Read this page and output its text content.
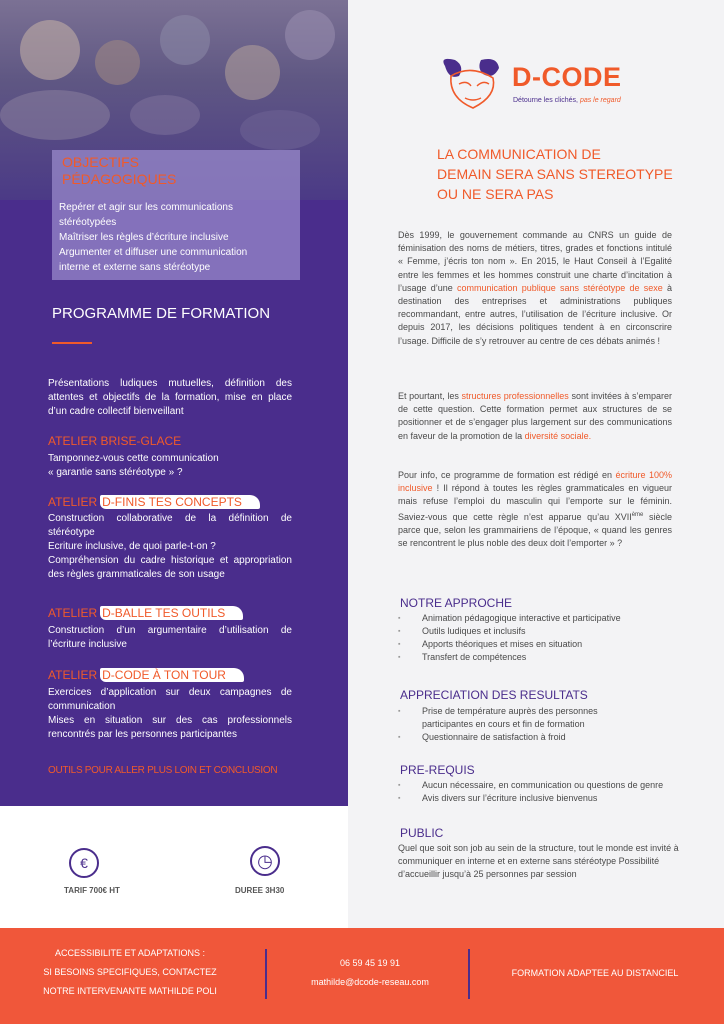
OBJECTIFS
PÉDAGOGIQUES
Repérer et agir sur les communications
stéréotypées
Maîtriser les règles d’écriture inclusive
Argumenter et diffuser une communication
interne et externe sans stéréotype
PROGRAMME DE FORMATION
Présentations ludiques mutuelles, définition des attentes et objectifs de la formation, mise en place d’un cadre collectif bienveillant
ATELIER BRISE-GLACE
Tamponnez-vous cette communication
« garantie sans stéréotype » ?
ATELIER D-FINIS TES CONCEPTS
Construction collaborative de la définition de stéréotype
Ecriture inclusive, de quoi parle-t-on ?
Compréhension du cadre historique et appropriation des règles grammaticales de son usage
ATELIER D-BALLE TES OUTILS
Construction d’un argumentaire d’utilisation de l’écriture inclusive
ATELIER D-CODE À TON TOUR
Exercices d’application sur deux campagnes de communication
Mises en situation sur des cas professionnels rencontrés par les personnes participantes
OUTILS POUR ALLER PLUS LOIN ET CONCLUSION
€
TARIF 700€ HT
◷
DUREE 3H30
D-CODE
Détourne les clichés, pas le regard
LA COMMUNICATION DE
DEMAIN SERA SANS STEREOTYPE
OU NE SERA PAS
Dès 1999, le gouvernement commande au CNRS un guide de féminisation des noms de métiers, titres, grades et fonctions intitulé « Femme, j’écris ton nom ». En 2015, le Haut Conseil à l’Egalité entre les femmes et les hommes construit une charte d’incitation à l’usage d’une communication publique sans stéréotype de sexe à destination des entreprises et administrations publiques recommandant, entre autres, l’utilisation de l’écriture inclusive. Or depuis 2017, les décisions politiques tendent à en circonscrire l’usage. Difficile de s’y retrouver au centre de ces débats animés !
Et pourtant, les structures professionnelles sont invitées à s’emparer de cette question. Cette formation permet aux structures de se positionner et de s’engager plus largement sur des communications en faveur de la promotion de la diversité sociale.
Pour info, ce programme de formation est rédigé en écriture 100% inclusive ! Il répond à toutes les règles grammaticales en vigueur mais refuse l’emploi du masculin qui l’emporte sur le féminin. Saviez-vous que cette règle n’est apparue qu’au XVIIème siècle parce que, selon les grammairiens de l’époque, « quand les genres se rencontrent le plus noble des deux doit l’emporter » ?
NOTRE APPROCHE
▪ Animation pédagogique interactive et participative
▪ Outils ludiques et inclusifs
▪ Apports théoriques et mises en situation
▪ Transfert de compétences
APPRECIATION DES RESULTATS
▪ Prise de température auprès des personnes participantes en cours et fin de formation
▪ Questionnaire de satisfaction à froid
PRE-REQUIS
▪ Aucun nécessaire, en communication ou questions de genre
▪ Avis divers sur l’écriture inclusive bienvenus
PUBLIC
Quel que soit son job au sein de la structure, tout le monde est invité à communiquer en interne et en externe sans stéréotype Possibilité d’accueillir jusqu’à 25 personnes par session
ACCESSIBILITE ET ADAPTATIONS :
SI BESOINS SPECIFIQUES, CONTACTEZ
NOTRE INTERVENANTE MATHILDE POLI
06 59 45 19 91
mathilde@dcode-reseau.com
FORMATION ADAPTEE AU DISTANCIEL
